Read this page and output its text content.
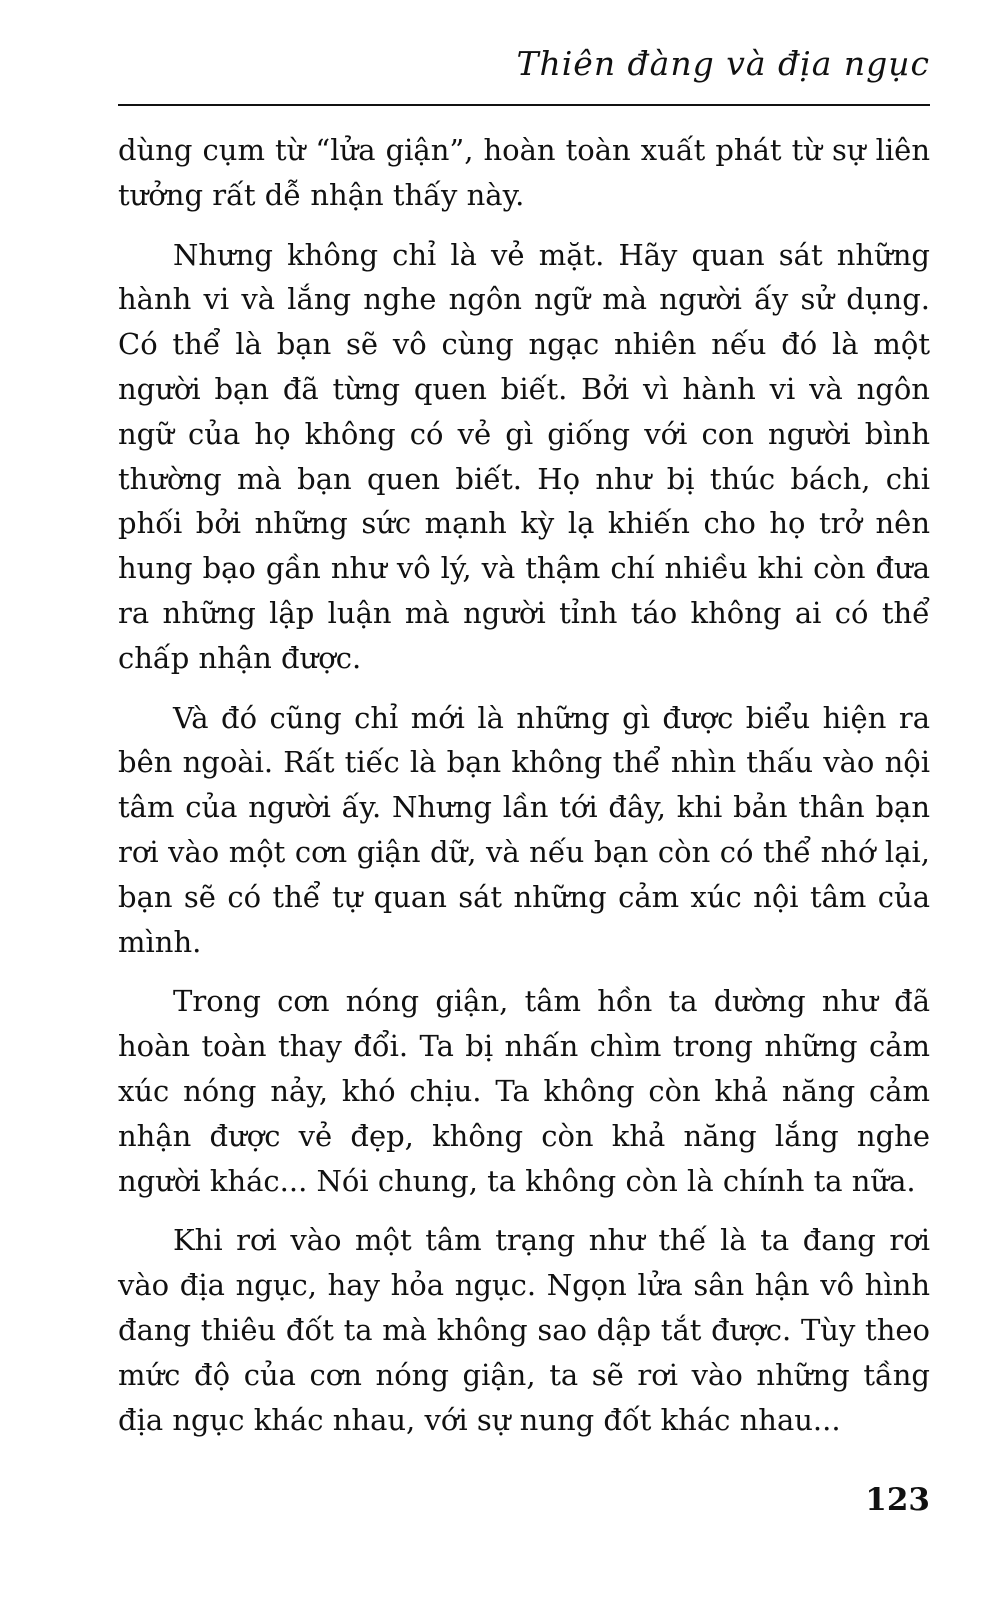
Thiên đàng và địa ngục

dùng cụm từ “lửa giận”, hoàn toàn xuất phát từ sự liên tưởng rất dễ nhận thấy này.

Nhưng không chỉ là vẻ mặt. Hãy quan sát những hành vi và lắng nghe ngôn ngữ mà người ấy sử dụng. Có thể là bạn sẽ vô cùng ngạc nhiên nếu đó là một người bạn đã từng quen biết. Bởi vì hành vi và ngôn ngữ của họ không có vẻ gì giống với con người bình thường mà bạn quen biết. Họ như bị thúc bách, chi phối bởi những sức mạnh kỳ lạ khiến cho họ trở nên hung bạo gần như vô lý, và thậm chí nhiều khi còn đưa ra những lập luận mà người tỉnh táo không ai có thể chấp nhận được.

Và đó cũng chỉ mới là những gì được biểu hiện ra bên ngoài. Rất tiếc là bạn không thể nhìn thấu vào nội tâm của người ấy. Nhưng lần tới đây, khi bản thân bạn rơi vào một cơn giận dữ, và nếu bạn còn có thể nhớ lại, bạn sẽ có thể tự quan sát những cảm xúc nội tâm của mình.

Trong cơn nóng giận, tâm hồn ta dường như đã hoàn toàn thay đổi. Ta bị nhấn chìm trong những cảm xúc nóng nảy, khó chịu. Ta không còn khả năng cảm nhận được vẻ đẹp, không còn khả năng lắng nghe người khác... Nói chung, ta không còn là chính ta nữa.

Khi rơi vào một tâm trạng như thế là ta đang rơi vào địa ngục, hay hỏa ngục. Ngọn lửa sân hận vô hình đang thiêu đốt ta mà không sao dập tắt được. Tùy theo mức độ của cơn nóng giận, ta sẽ rơi vào những tầng địa ngục khác nhau, với sự nung đốt khác nhau...

123
